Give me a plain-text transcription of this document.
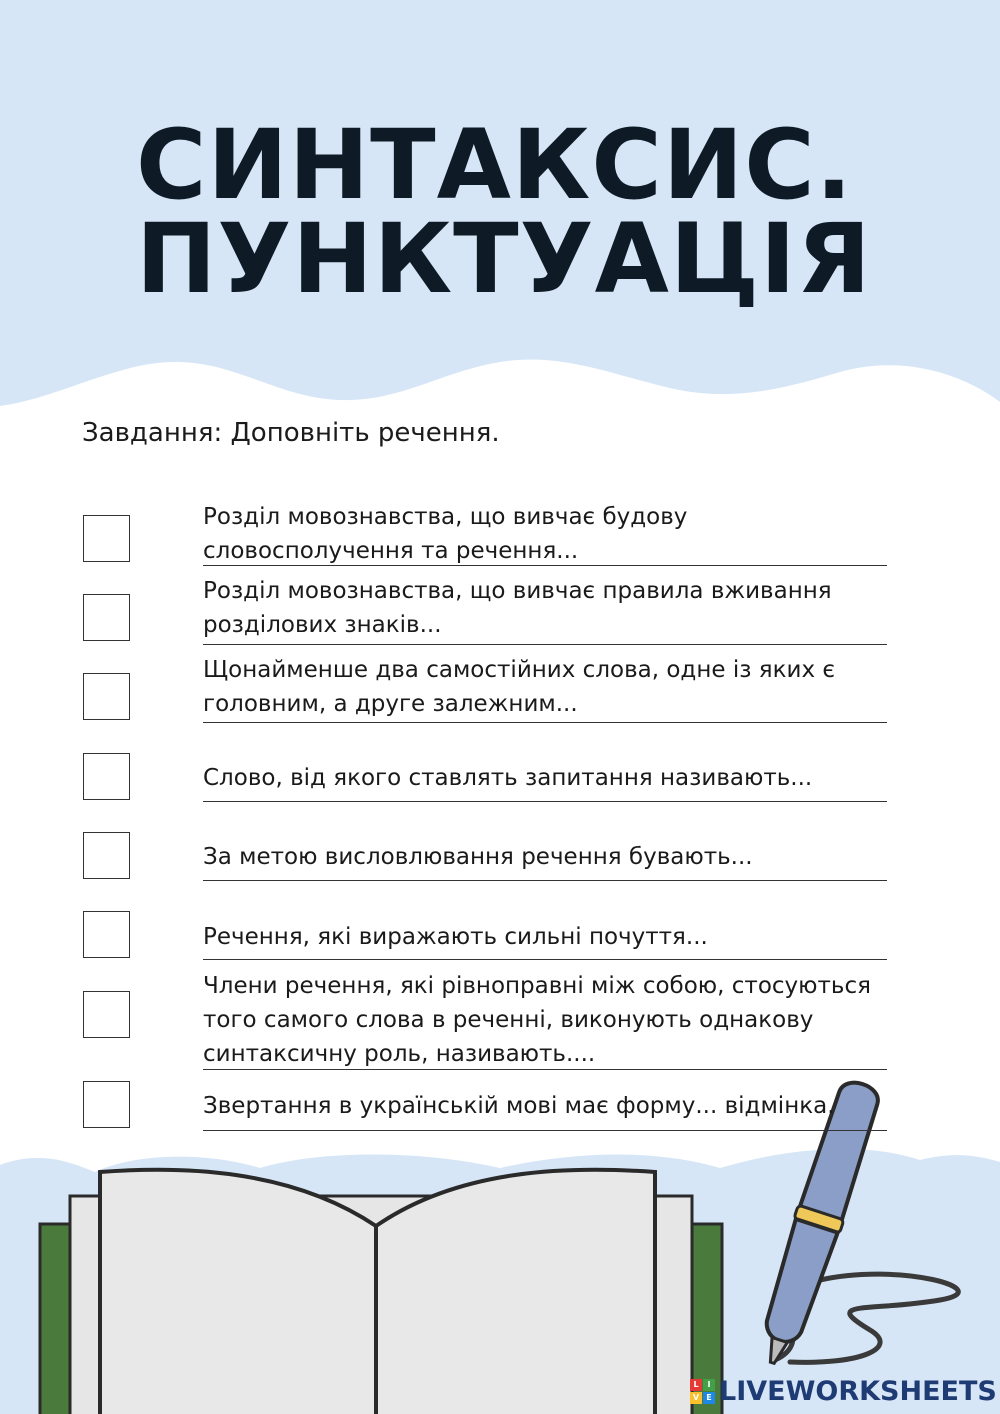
СИНТАКСИС.
ПУНКТУАЦІЯ
Завдання: Доповніть речення.
Розділ мовознавства, що вивчає будову словосполучення та речення...
Розділ мовознавства, що вивчає правила вживання розділових знаків...
Щонайменше два самостійних слова, одне із яких є головним, а друге залежним...
Слово, від якого ставлять запитання називають...
За метою висловлювання речення бувають...
Речення, які виражають сильні почуття...
Члени речення, які рівноправні між собою, стосуються того самого слова в реченні, виконують однакову синтаксичну роль, називають....
Звертання в українській мові має форму... відмінка.
L	I
V E LIVEWORKSHEETS
